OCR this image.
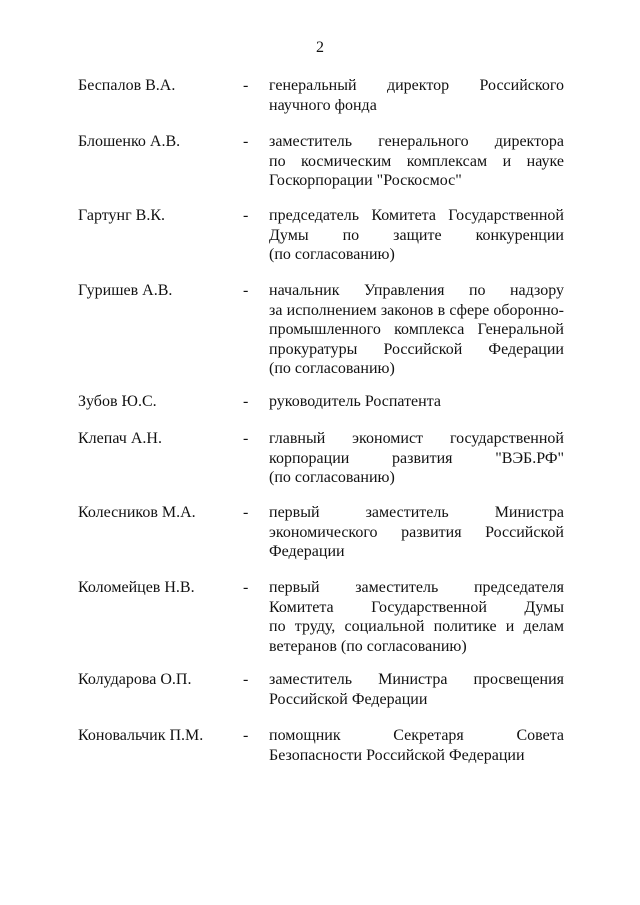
2
Беспалов В.А.	- генеральный директор Российского
научного фонда
Блошенко А.В.	- заместитель генерального директора
по космическим комплексам и науке
Госкорпорации "Роскосмос"
Гартунг В.К.	- председатель Комитета Государственной
Думы по защите конкуренции
(по согласованию)
Гуришев А.В.	- начальник Управления по надзору
за исполнением законов в сфере оборонно-
промышленного комплекса Генеральной
прокуратуры Российской Федерации
(по согласованию)
Зубов Ю.С.	- руководитель Роспатента
Клепач А.Н.	- главный экономист государственной
корпорации развития "ВЭБ.РФ"
(по согласованию)
Колесников М.А.	- первый заместитель Министра
экономического развития Российской
Федерации
Коломейцев Н.В.	- первый заместитель председателя
Комитета Государственной Думы
по труду, социальной политике и делам
ветеранов (по согласованию)
Колударова О.П.	- заместитель Министра просвещения
Российской Федерации
Коновальчик П.М. - помощник Секретаря Совета
Безопасности Российской Федерации
